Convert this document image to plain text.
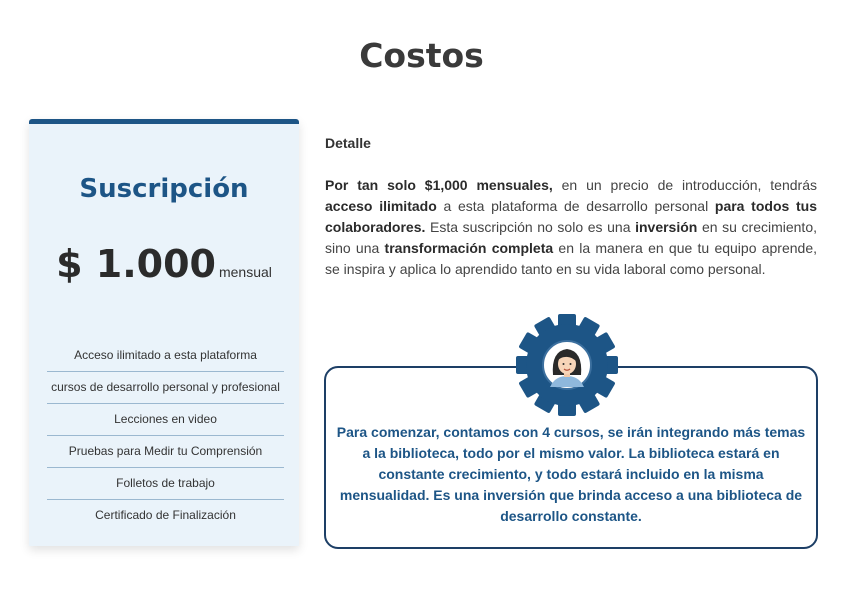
Costos
Suscripción
$ 1.000 mensual
Acceso ilimitado a esta plataforma
cursos de desarrollo personal y profesional
Lecciones en video
Pruebas para Medir tu Comprensión
Folletos de trabajo
Certificado de Finalización
Detalle

Por tan solo $1,000 mensuales, en un precio de introducción, tendrás acceso ilimitado a esta plataforma de desarrollo personal para todos tus colaboradores. Esta suscripción no solo es una inversión en su crecimiento, sino una transformación completa en la manera en que tu equipo aprende, se inspira y aplica lo aprendido tanto en su vida laboral como personal.

Para comenzar, contamos con 4 cursos, se irán integrando más temas a la biblioteca, todo por el mismo valor. La biblioteca estará en constante crecimiento, y todo estará incluido en la misma mensualidad. Es una inversión que brinda acceso a una biblioteca de desarrollo constante.
